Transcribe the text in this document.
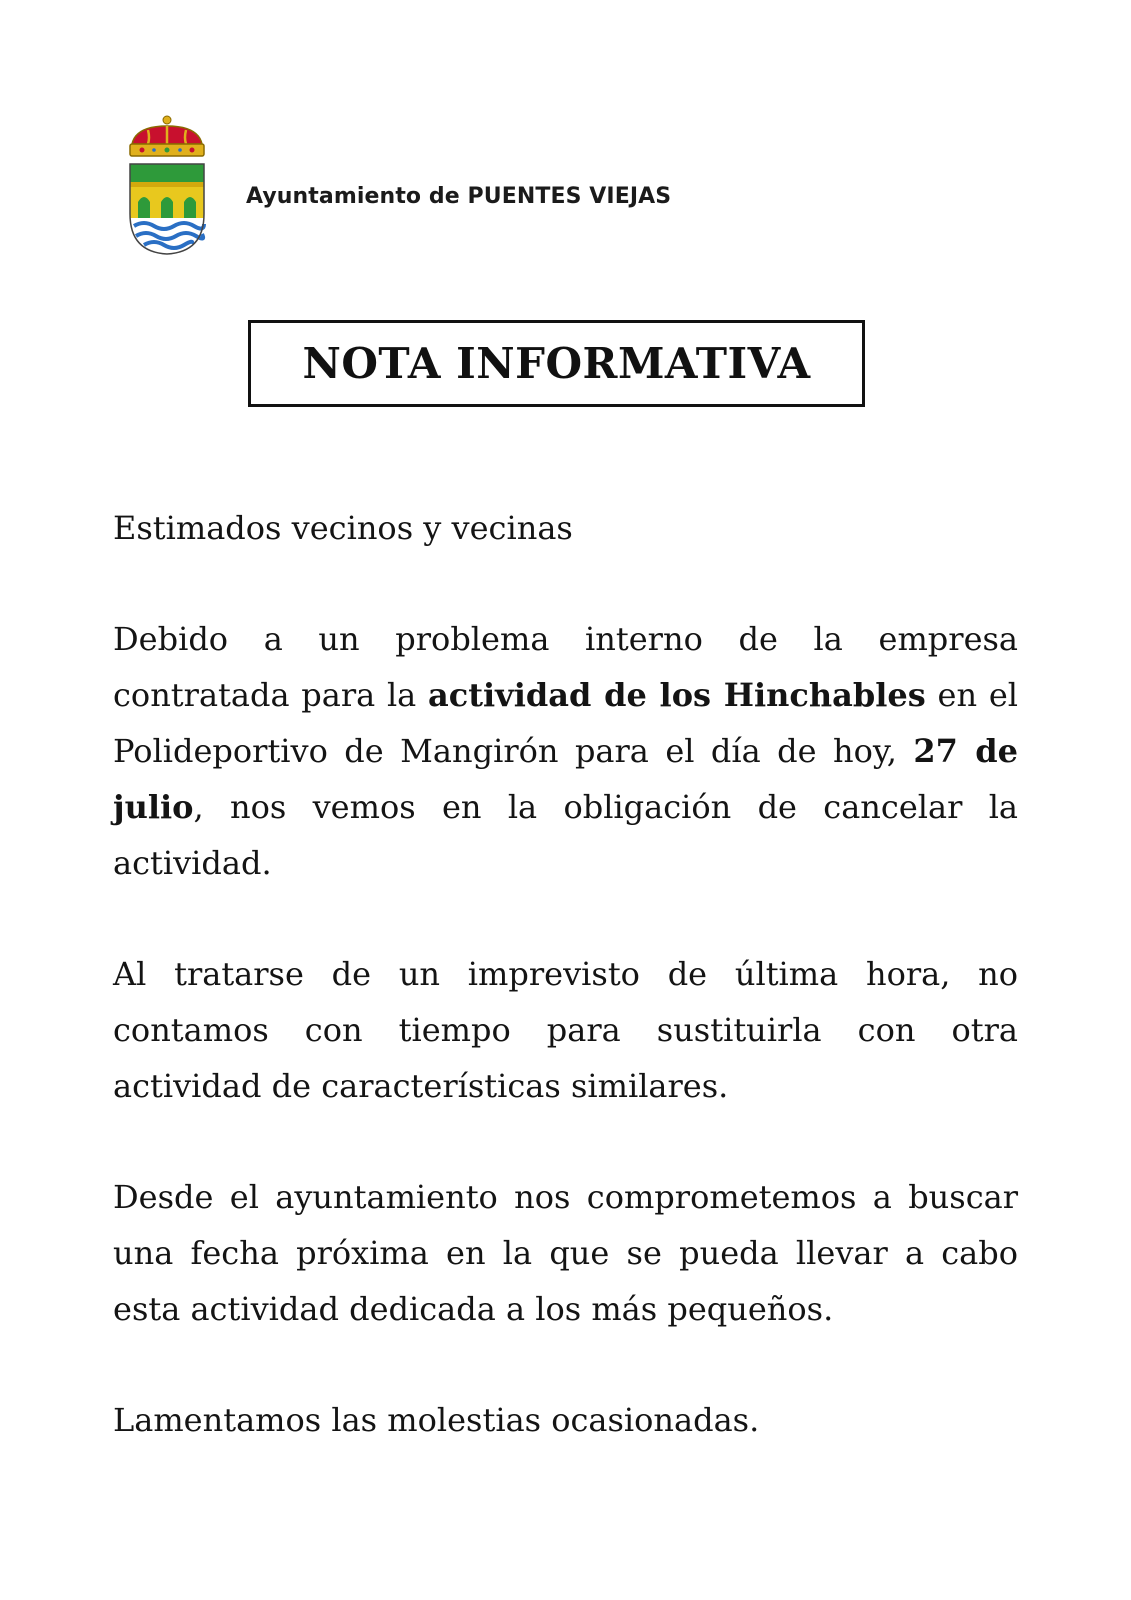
Ayuntamiento de PUENTES VIEJAS
NOTA INFORMATIVA

Estimados vecinos y vecinas

Debido a un problema interno de la empresa contratada para la actividad de los Hinchables en el Polideportivo de Mangirón para el día de hoy, 27 de julio, nos vemos en la obligación de cancelar la actividad.

Al tratarse de un imprevisto de última hora, no contamos con tiempo para sustituirla con otra actividad de características similares.

Desde el ayuntamiento nos comprometemos a buscar una fecha próxima en la que se pueda llevar a cabo esta actividad dedicada a los más pequeños.

Lamentamos las molestias ocasionadas.
